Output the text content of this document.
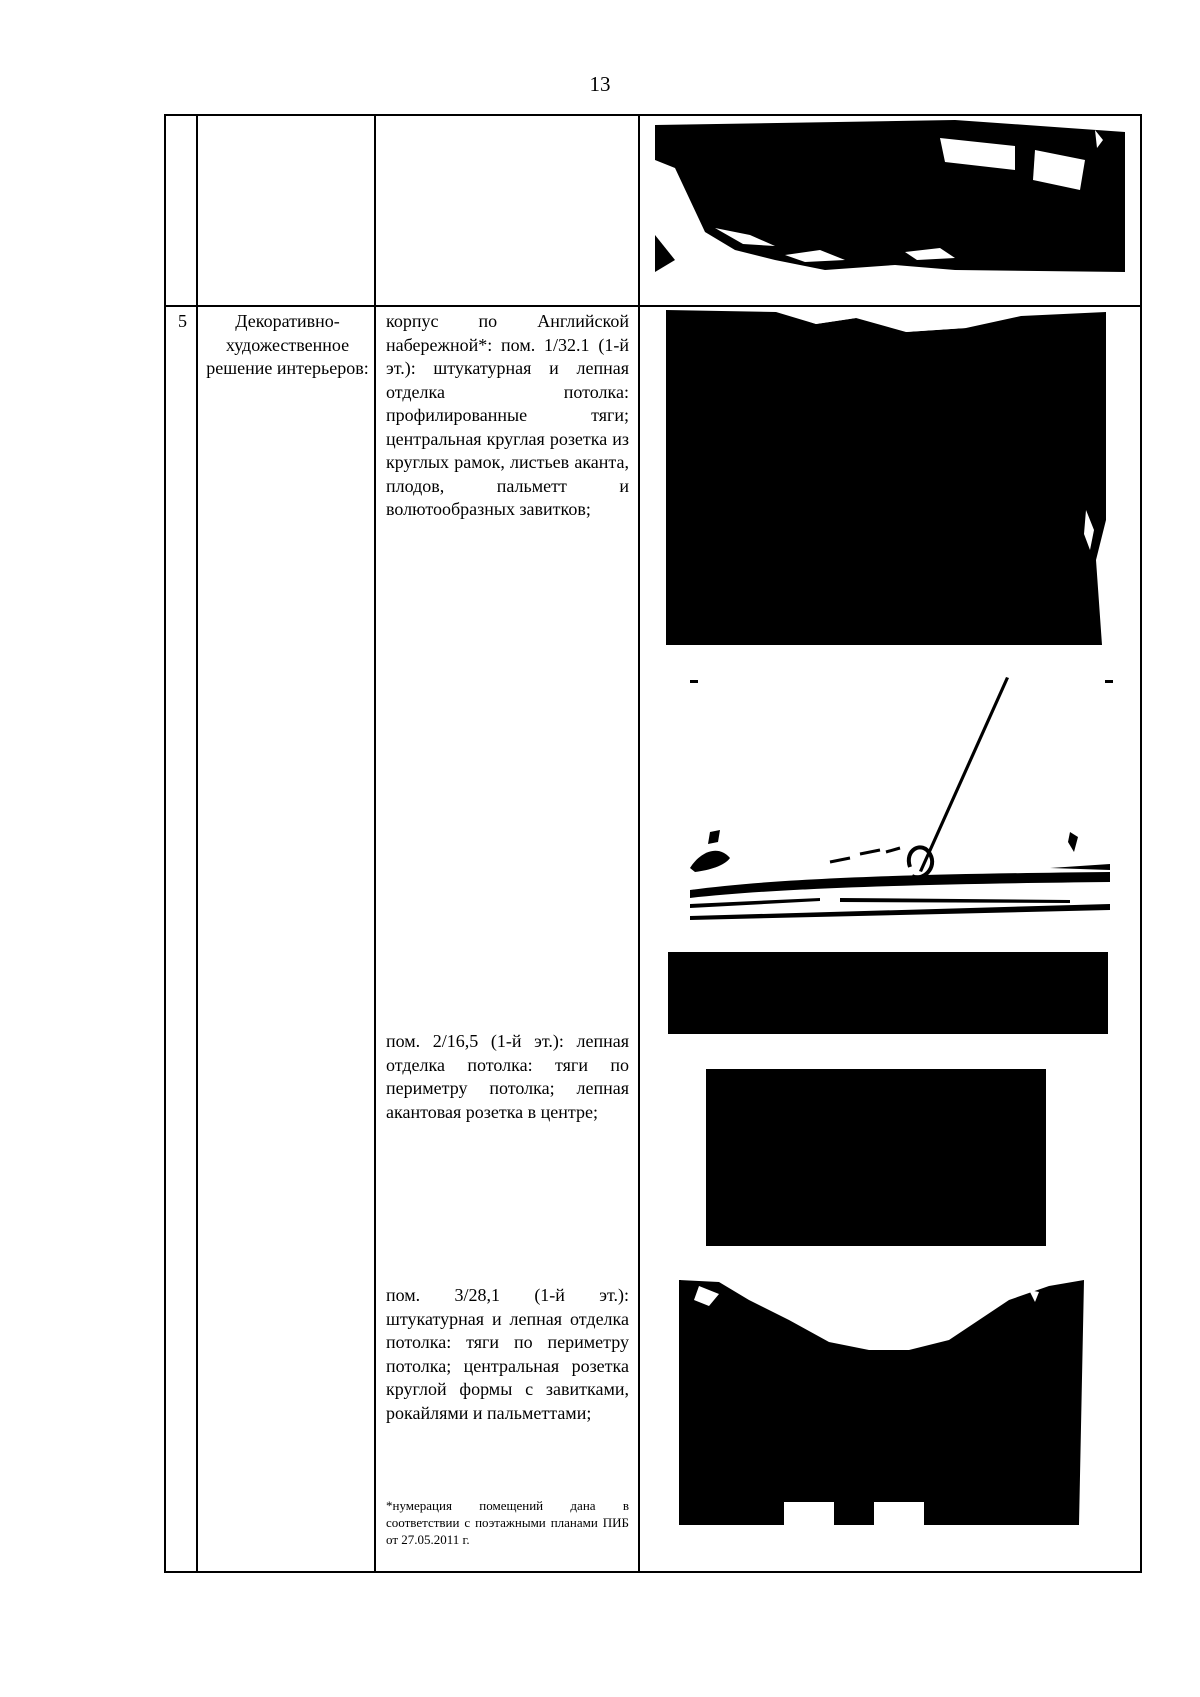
13
5	Декоративно-художественное решение интерьеров:
корпус по Английской набережной*: пом. 1/32.1 (1-й эт.): штукатурная и лепная отделка потолка: профилированные тяги; центральная круглая розетка из круглых рамок, листьев аканта, плодов, пальметт и волютообразных завитков;
пом. 2/16,5 (1-й эт.): лепная отделка потолка: тяги по периметру потолка; лепная акантовая розетка в центре;
пом. 3/28,1 (1-й эт.): штукатурная и лепная отделка потолка: тяги по периметру потолка; центральная розетка круглой формы с завитками, рокайлями и пальметтами;
*нумерация помещений дана в соответствии с поэтажными планами ПИБ от 27.05.2011 г.
